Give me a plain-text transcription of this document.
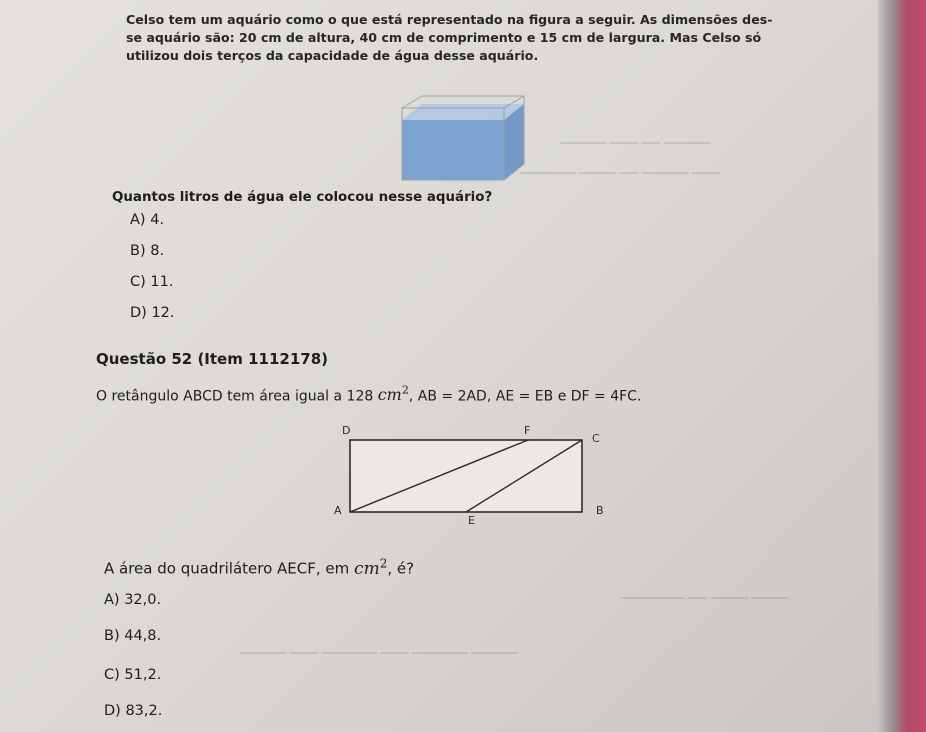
▁▁▁▁▁ ▁▁▁ ▁▁ ▁▁▁▁▁
▁▁▁▁▁▁ ▁▁▁▁ ▁▁ ▁▁▁▁▁ ▁▁▁
▁▁▁▁▁▁▁ ▁▁ ▁▁▁▁ ▁▁▁▁
▁▁▁▁▁ ▁▁▁ ▁▁▁▁▁▁ ▁▁▁ ▁▁▁▁▁▁ ▁▁▁▁▁
Celso tem um aquário como o que está representado na figura a seguir. As dimensões des-
se aquário são: 20 cm de altura, 40 cm de comprimento e 15 cm de largura. Mas Celso só
utilizou dois terços da capacidade de água desse aquário.
Quantos litros de água ele colocou nesse aquário?
A) 4.
B) 8.
C) 11.
D) 12.
Questão 52 (Item 1112178)
O retângulo ABCD tem área igual a 128 $cm^2$, AB = 2AD, AE = EB e DF = 4FC.
D	F
C
A
E
B
A área do quadrilátero AECF, em $cm^2$, é?
A) 32,0.
B) 44,8.
C) 51,2.
D) 83,2.
